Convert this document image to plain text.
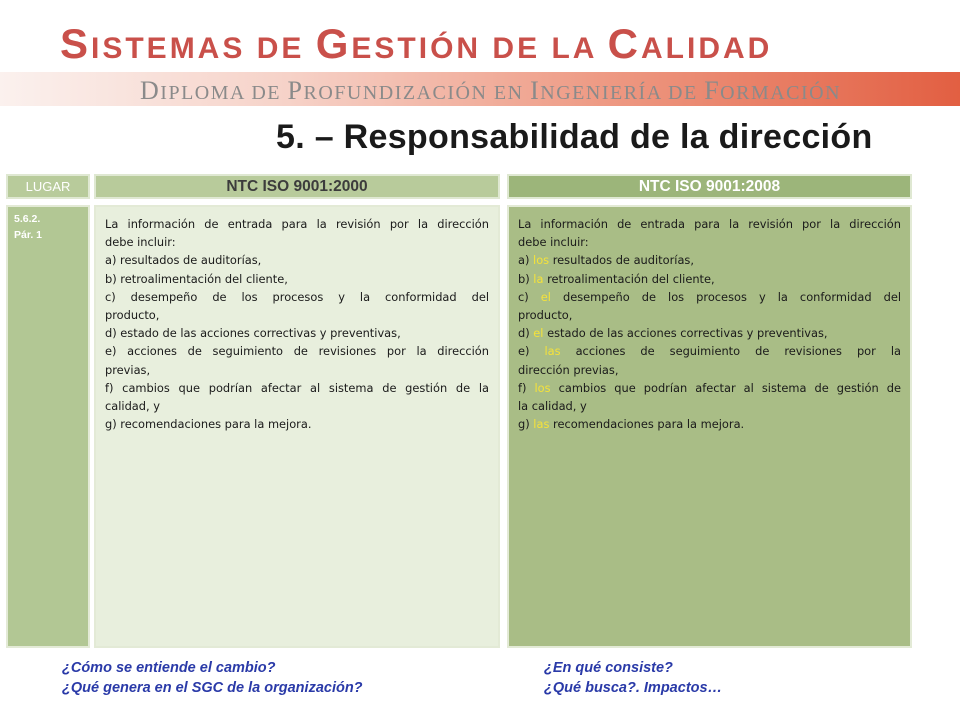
SISTEMAS DE GESTIÓN DE LA CALIDAD
DIPLOMA DE PROFUNDIZACIÓN EN INGENIERÍA DE FORMACIÓN
5. – Responsabilidad de la dirección
LUGAR	NTC ISO 9001:2000	NTC ISO 9001:2008
5.6.2.
Pár. 1
La información de entrada para la revisión por la dirección
debe incluir:
a) resultados de auditorías,
b) retroalimentación del cliente,
c) desempeño de los procesos y la conformidad del
producto,
d) estado de las acciones correctivas y preventivas,
e) acciones de seguimiento de revisiones por la dirección
previas,
f) cambios que podrían afectar al sistema de gestión de la
calidad, y
g) recomendaciones para la mejora.
La información de entrada para la revisión por la dirección
debe incluir:
a) los resultados de auditorías,
b) la retroalimentación del cliente,
c) el desempeño de los procesos y la conformidad del
producto,
d) el estado de las acciones correctivas y preventivas,
e) las acciones de seguimiento de revisiones por la
dirección previas,
f) los cambios que podrían afectar al sistema de gestión de
la calidad, y
g) las recomendaciones para la mejora.
¿Cómo se entiende el cambio?
¿Qué genera en el SGC de la organización?
¿En qué consiste?
¿Qué busca?. Impactos…
